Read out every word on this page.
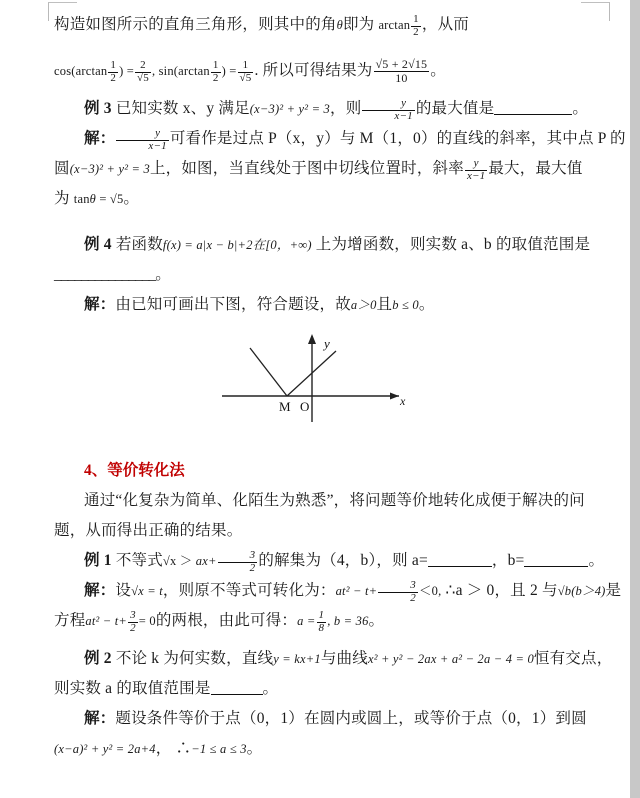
构造如图所示的直角三角形，则其中的角θ即为 $\arctan \frac{1}{2}$ ，从而

$\cos(\arctan \frac{1}{2}$ ) = $\frac{2}{√5}$ , $\sin(\arctan \frac{1}{2}$ ) = $\frac{1}{√5}$ . 所以可得结果为 $\frac{√5 + 2√15}{10}$ 。

例 3 已知实数 x、y 满足(x−3)² + y² = 3，则 $\frac{y}{x-1}$ 的最大值是	。

解： $\frac{y}{x-1}$ 可看作是过点 P（x，y）与 M（1，0）的直线的斜率，其中点 P 的

圆(x−3)² + y² = 3上，如图，当直线处于图中切线位置时，斜率 $\frac{y}{x-1}$ 最大，最大值

为 tanθ = √5。

例 4 若函数f(x) = a|x − b|+2在[0，+∞) 上为增函数，则实数 a、b 的取值范围是

_______________。

解：由已知可画出下图，符合题设，故a＞0且b ≤ 0。

M O	x
y

4、等价转化法

通过“化复杂为简单、化陌生为熟悉”，将问题等价地转化成便于解决的问

题，从而得出正确的结果。

例 1 不等式$√x > ax+ \frac{3}{2}$ 的解集为（4，b），则 a=	，b=	。

解：设√x = t，则原不等式可转化为：$at^2 - t+ \frac{3}{2} <0$, ∴a ＞ 0，且 2 与√b(b＞4)是

方程$at^2 - t+ \frac{3}{2} = 0$的两根，由此可得：$a = \frac{1}{8}$ , b = 36。

例 2 不论 k 为何实数，直线y = kx+1与曲线x² + y² − 2ax + a² − 2a − 4 = 0恒有交点，

则实数 a 的取值范围是	。

解：题设条件等价于点（0，1）在圆内或圆上，或等价于点（0，1）到圆

(x−a)² + y² = 2a+4， ∴−1 ≤ a ≤ 3。
